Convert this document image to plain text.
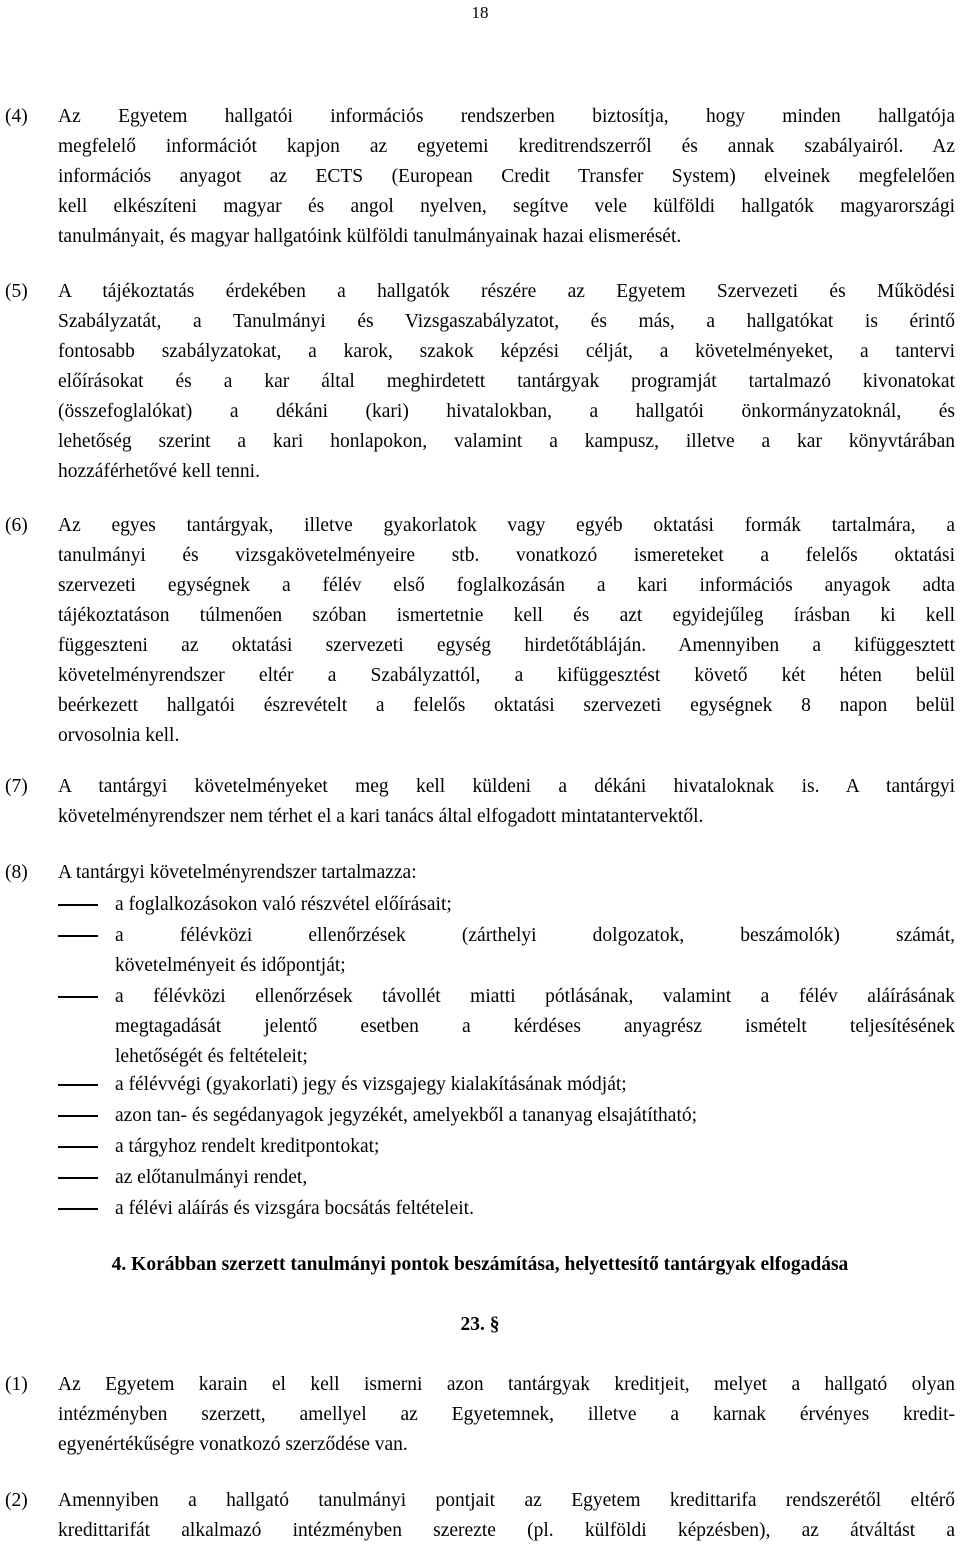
18
(4) Az Egyetem hallgatói információs rendszerben biztosítja, hogy minden hallgatója
megfelelő információt kapjon az egyetemi kreditrendszerről és annak szabályairól. Az
információs anyagot az ECTS (European Credit Transfer System) elveinek megfelelően
kell elkészíteni magyar és angol nyelven, segítve vele külföldi hallgatók magyarországi
tanulmányait, és magyar hallgatóink külföldi tanulmányainak hazai elismerését.
(5) A tájékoztatás érdekében a hallgatók részére az Egyetem Szervezeti és Működési
Szabályzatát, a Tanulmányi és Vizsgaszabályzatot, és más, a hallgatókat is érintő
fontosabb szabályzatokat, a karok, szakok képzési célját, a követelményeket, a tantervi
előírásokat és a kar által meghirdetett tantárgyak programját tartalmazó kivonatokat
(összefoglalókat) a dékáni (kari) hivatalokban, a hallgatói önkormányzatoknál, és
lehetőség szerint a kari honlapokon, valamint a kampusz, illetve a kar könyvtárában
hozzáférhetővé kell tenni.
(6) Az egyes tantárgyak, illetve gyakorlatok vagy egyéb oktatási formák tartalmára, a
tanulmányi és vizsgakövetelményeire stb. vonatkozó ismereteket a felelős oktatási
szervezeti egységnek a félév első foglalkozásán a kari információs anyagok adta
tájékoztatáson túlmenően szóban ismertetnie kell és azt egyidejűleg írásban ki kell
függeszteni az oktatási szervezeti egység hirdetőtábláján. Amennyiben a kifüggesztett
követelményrendszer eltér a Szabályzattól, a kifüggesztést követő két héten belül
beérkezett hallgatói észrevételt a felelős oktatási szervezeti egységnek 8 napon belül
orvosolnia kell.
(7) A tantárgyi követelményeket meg kell küldeni a dékáni hivataloknak is. A tantárgyi
követelményrendszer nem térhet el a kari tanács által elfogadott mintatantervektől.
(8) A tantárgyi követelményrendszer tartalmazza:
a foglalkozásokon való részvétel előírásait;
a félévközi ellenőrzések (zárthelyi dolgozatok, beszámolók) számát,
követelményeit és időpontját;
a félévközi ellenőrzések távollét miatti pótlásának, valamint a félév aláírásának
megtagadását jelentő esetben a kérdéses anyagrész ismételt teljesítésének
lehetőségét és feltételeit;
a félévvégi (gyakorlati) jegy és vizsgajegy kialakításának módját;
azon tan- és segédanyagok jegyzékét, amelyekből a tananyag elsajátítható;
a tárgyhoz rendelt kreditpontokat;
az előtanulmányi rendet,
a félévi aláírás és vizsgára bocsátás feltételeit.
4. Korábban szerzett tanulmányi pontok beszámítása, helyettesítő tantárgyak elfogadása
23. §
(1) Az Egyetem karain el kell ismerni azon tantárgyak kreditjeit, melyet a hallgató olyan
intézményben szerzett, amellyel az Egyetemnek, illetve a karnak érvényes kredit-
egyenértékűségre vonatkozó szerződése van.
(2) Amennyiben a hallgató tanulmányi pontjait az Egyetem kredittarifa rendszerétől eltérő
kredittarifát alkalmazó intézményben szerezte (pl. külföldi képzésben), az átváltást a
